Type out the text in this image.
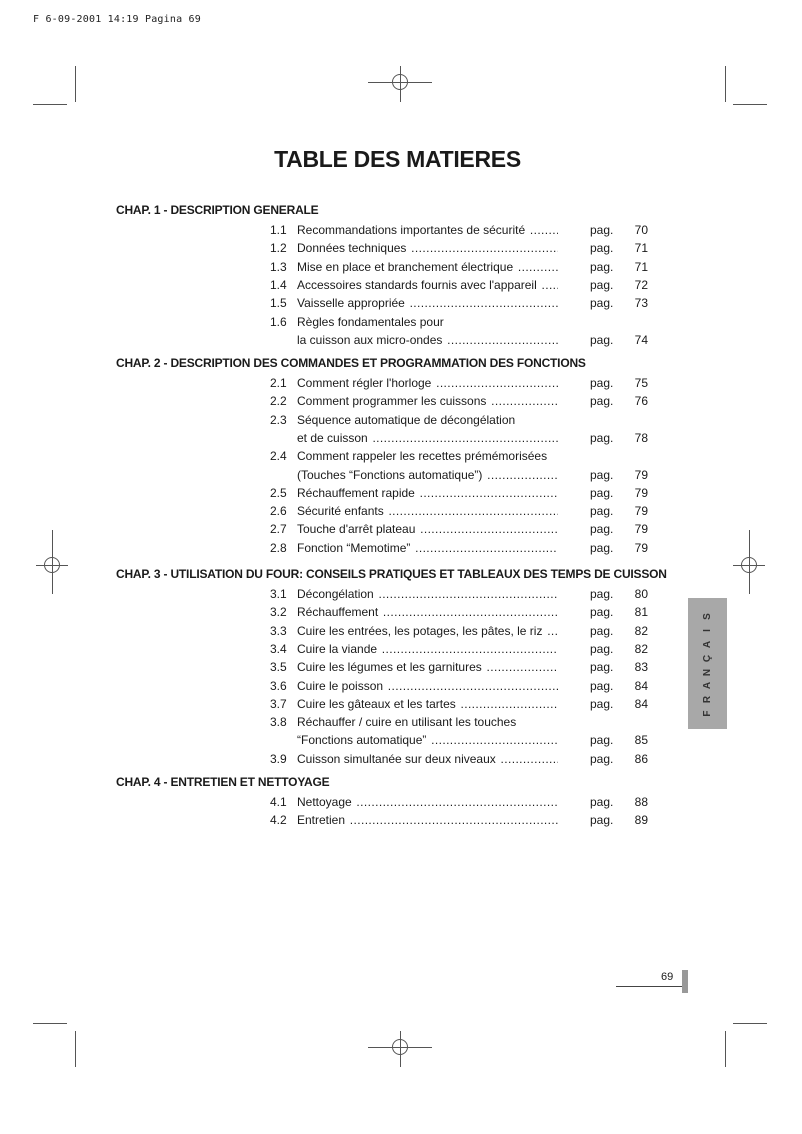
F 6-09-2001 14:19 Pagina 69
TABLE DES MATIERES
CHAP. 1 - DESCRIPTION GENERALE
1.1 Recommandations importantes de sécurité .....	pag.	70
1.2 Données techniques .....	pag.	71
1.3 Mise en place et branchement électrique .....	pag.	71
1.4 Accessoires standards fournis avec l'appareil .....	pag.	72
1.5 Vaisselle appropriée .....	pag.	73
1.6 Règles fondamentales pour
la cuisson aux micro-ondes .....	pag.	74
CHAP. 2 - DESCRIPTION DES COMMANDES ET PROGRAMMATION DES FONCTIONS
2.1 Comment régler l'horloge .....	pag.	75
2.2 Comment programmer les cuissons .....	pag.	76
2.3 Séquence automatique de décongélation
et de cuisson .....	pag.	78
2.4 Comment rappeler les recettes prémémorisées
(Touches “Fonctions automatique”) .....	pag.	79
2.5 Réchauffement rapide .....	pag.	79
2.6 Sécurité enfants .....	pag.	79
2.7 Touche d'arrêt plateau .....	pag.	79
2.8 Fonction “Memotime” .....	pag.	79
CHAP. 3 - UTILISATION DU FOUR: CONSEILS PRATIQUES ET TABLEAUX DES TEMPS DE CUISSON
3.1 Décongélation .....	pag.	80
3.2 Réchauffement .....	pag.	81
3.3 Cuire les entrées, les potages, les pâtes, le riz .....	pag.	82
3.4 Cuire la viande .....	pag.	82
3.5 Cuire les légumes et les garnitures .....	pag.	83
3.6 Cuire le poisson .....	pag.	84
3.7 Cuire les gâteaux et les tartes .....	pag.	84
3.8 Réchauffer / cuire en utilisant les touches
“Fonctions automatique” .....	pag.	85
3.9 Cuisson simultanée sur deux niveaux .....	pag.	86
CHAP. 4 - ENTRETIEN ET NETTOYAGE
4.1 Nettoyage .....	pag.	88
4.2 Entretien .....	pag.	89
F
R
A
N
Ç
A
I
S
69
